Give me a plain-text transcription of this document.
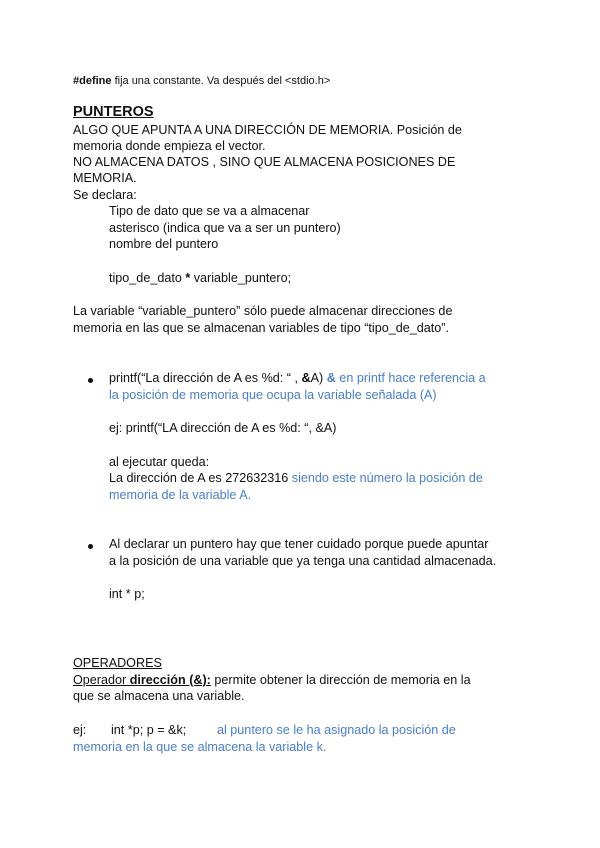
#define fija una constante. Va después del <stdio.h>
PUNTEROS
ALGO QUE APUNTA A UNA DIRECCIÓN DE MEMORIA. Posición de
memoria donde empieza el vector.
NO ALMACENA DATOS , SINO QUE ALMACENA POSICIONES DE
MEMORIA.
Se declara:
Tipo de dato que se va a almacenar
asterisco (indica que va a ser un puntero)
nombre del puntero
tipo_de_dato * variable_puntero;
La variable “variable_puntero” sólo puede almacenar direcciones de
memoria en las que se almacenan variables de tipo “tipo_de_dato”.
printf(“La dirección de A es %d: “ , &A) & en printf hace referencia a
la posición de memoria que ocupa la variable señalada (A)
ej: printf(“LA dirección de A es %d: “, &A)
al ejecutar queda:
La dirección de A es 272632316 siendo este número la posición de
memoria de la variable A.
Al declarar un puntero hay que tener cuidado porque puede apuntar
a la posición de una variable que ya tenga una cantidad almacenada.
int * p;
OPERADORES
Operador dirección (&): permite obtener la dirección de memoria en la
que se almacena una variable.
ej: int *p; p = &k; al puntero se le ha asignado la posición de
memoria en la que se almacena la variable k.
